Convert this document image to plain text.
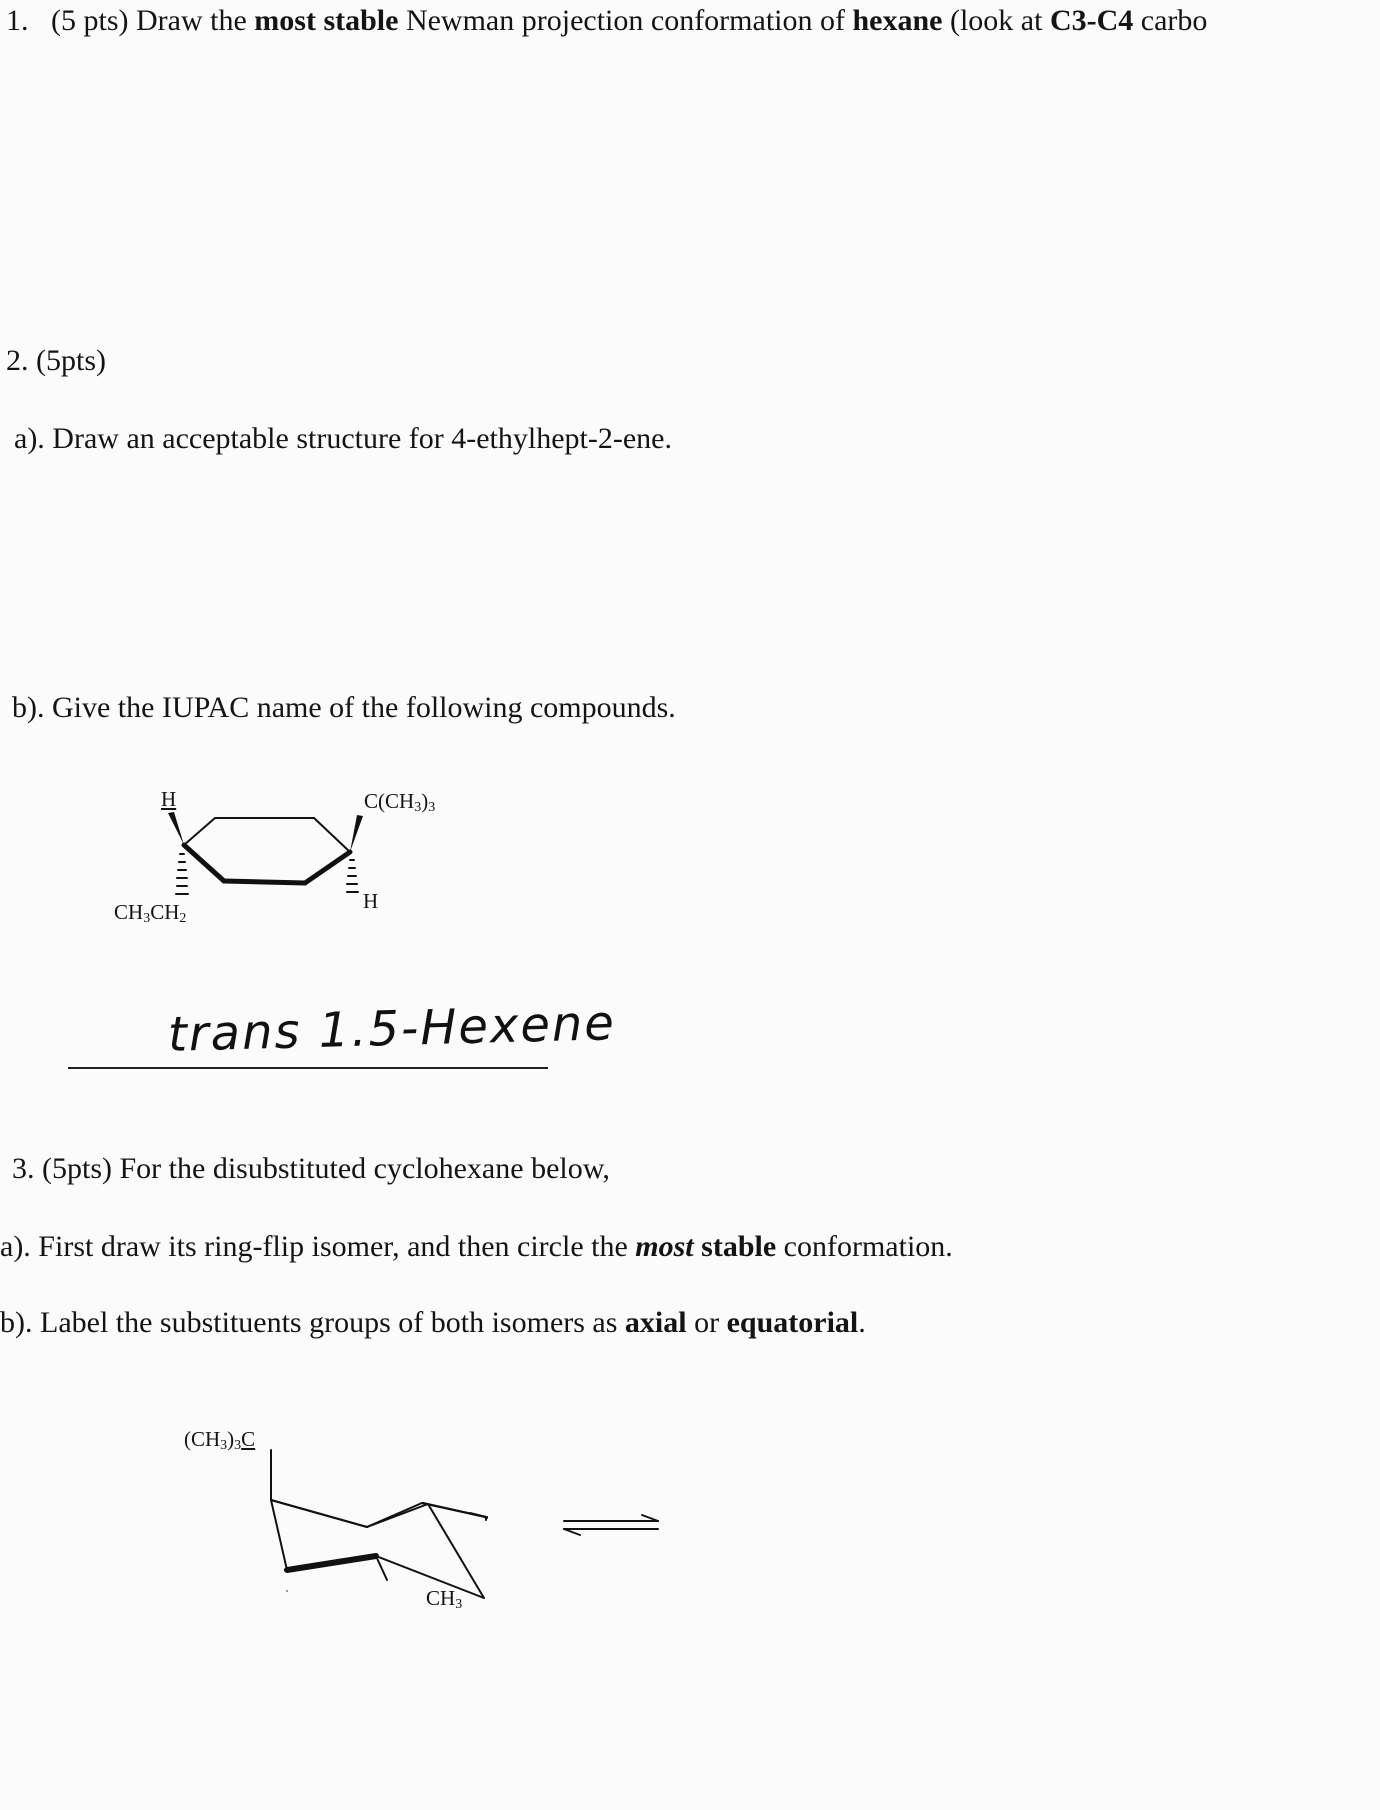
1. (5 pts) Draw the most stable Newman projection conformation of hexane (look at C3-C4 carbo
2. (5pts)
a). Draw an acceptable structure for 4-ethylhept-2-ene.
b). Give the IUPAC name of the following compounds.
H
$CH_3CH_2$
$C(CH_3)_3$
H
trans 1.5-Hexene
3. (5pts) For the disubstituted cyclohexane below,
a). First draw its ring-flip isomer, and then circle the most stable conformation.
b). Label the substituents groups of both isomers as axial or equatorial.
$(CH_3)_3C$
$CH_3$
